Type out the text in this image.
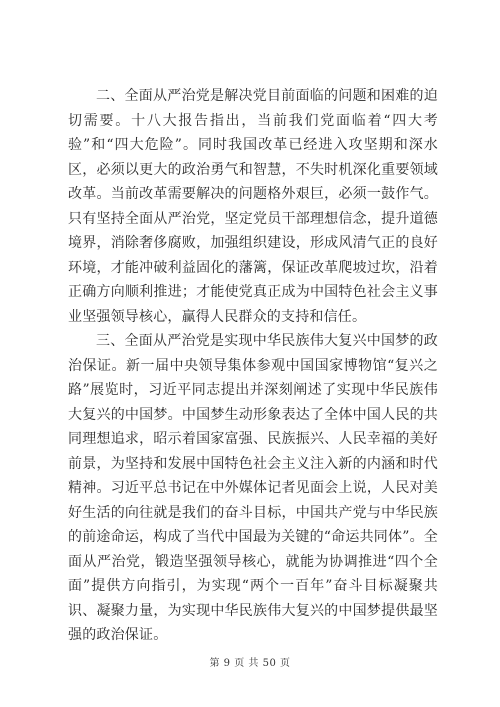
二、全面从严治党是解决党目前面临的问题和困难的迫切需要。十八大报告指出，当前我们党面临着“四大考验”和“四大危险”。同时我国改革已经进入攻坚期和深水区，必须以更大的政治勇气和智慧，不失时机深化重要领域改革。当前改革需要解决的问题格外艰巨，必须一鼓作气。只有坚持全面从严治党，坚定党员干部理想信念，提升道德境界，消除奢侈腐败，加强组织建设，形成风清气正的良好环境，才能冲破利益固化的藩篱，保证改革爬坡过坎，沿着正确方向顺利推进；才能使党真正成为中国特色社会主义事业坚强领导核心，赢得人民群众的支持和信任。

三、全面从严治党是实现中华民族伟大复兴中国梦的政治保证。新一届中央领导集体参观中国国家博物馆“复兴之路”展览时，习近平同志提出并深刻阐述了实现中华民族伟大复兴的中国梦。中国梦生动形象表达了全体中国人民的共同理想追求，昭示着国家富强、民族振兴、人民幸福的美好前景，为坚持和发展中国特色社会主义注入新的内涵和时代精神。习近平总书记在中外媒体记者见面会上说，人民对美好生活的向往就是我们的奋斗目标，中国共产党与中华民族的前途命运，构成了当代中国最为关键的“命运共同体”。全面从严治党，锻造坚强领导核心，就能为协调推进“四个全面”提供方向指引，为实现“两个一百年”奋斗目标凝聚共识、凝聚力量，为实现中华民族伟大复兴的中国梦提供最坚强的政治保证。

第 9 页 共 50 页
